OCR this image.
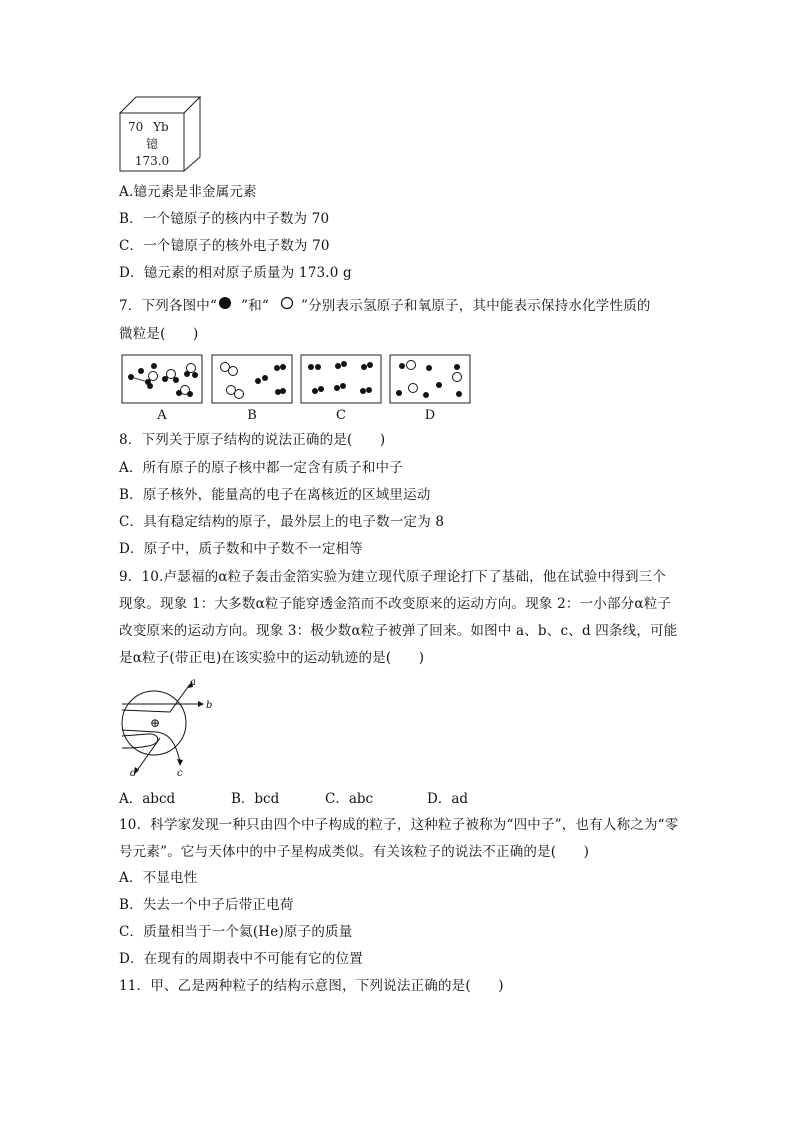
70 Yb
镱
173.0
A.镱元素是非金属元素
B．一个镱原子的核内中子数为 70
C．一个镱原子的核外电子数为 70
D．镱元素的相对原子质量为 173.0 g
7．下列各图中“ ”和“ ”分别表示氢原子和氧原子，其中能表示保持水化学性质的
微粒是(　　)
A	B	C	D
8．下列关于原子结构的说法正确的是(　　)
A．所有原子的原子核中都一定含有质子和中子
B．原子核外，能量高的电子在离核近的区域里运动
C．具有稳定结构的原子，最外层上的电子数一定为 8
D．原子中，质子数和中子数不一定相等
9．10.卢瑟福的α粒子轰击金箔实验为建立现代原子理论打下了基础，他在试验中得到三个
现象。现象 1：大多数α粒子能穿透金箔而不改变原来的运动方向。现象 2：一小部分α粒子
改变原来的运动方向。现象 3：极少数α粒子被弹了回来。如图中 a、b、c、d 四条线，可能
是α粒子(带正电)在该实验中的运动轨迹的是(　　)
⊕
b
a
c
d
A．abcd	B．bcd	C．abc	D．ad
10．科学家发现一种只由四个中子构成的粒子，这种粒子被称为“四中子”，也有人称之为“零
号元素”。它与天体中的中子星构成类似。有关该粒子的说法不正确的是(　　)
A．不显电性
B．失去一个中子后带正电荷
C．质量相当于一个氦(He)原子的质量
D．在现有的周期表中不可能有它的位置
11．甲、乙是两种粒子的结构示意图，下列说法正确的是(　　)
